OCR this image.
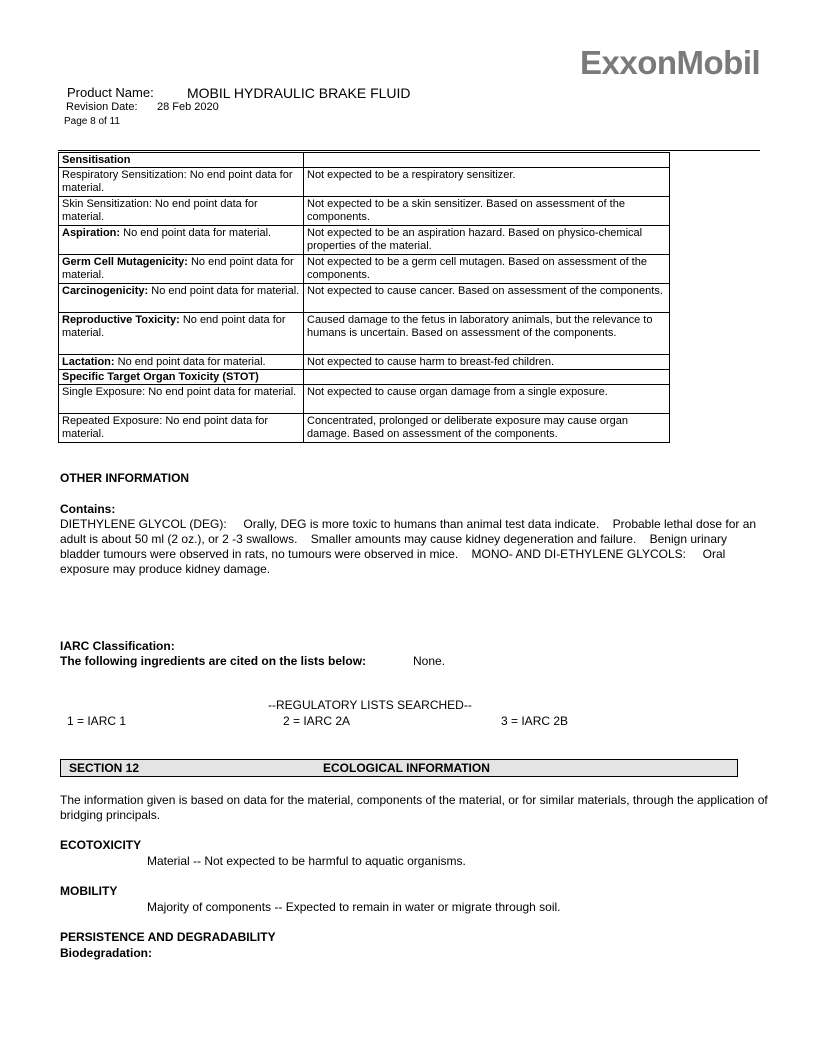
ExxonMobil
Product Name: MOBIL HYDRAULIC BRAKE FLUID
Revision Date: 28 Feb 2020
Page 8 of 11
Sensitisation	
Respiratory Sensitization: No end point data for material.	Not expected to be a respiratory sensitizer.
Skin Sensitization: No end point data for material.	Not expected to be a skin sensitizer. Based on assessment of the components.
Aspiration: No end point data for material.	Not expected to be an aspiration hazard. Based on physico-chemical properties of the material.
Germ Cell Mutagenicity: No end point data for material.	Not expected to be a germ cell mutagen. Based on assessment of the components.
Carcinogenicity: No end point data for material.	Not expected to cause cancer. Based on assessment of the components.
Reproductive Toxicity: No end point data for material.	Caused damage to the fetus in laboratory animals, but the relevance to humans is uncertain. Based on assessment of the components.
Lactation: No end point data for material.	Not expected to cause harm to breast-fed children.
Specific Target Organ Toxicity (STOT)	
Single Exposure: No end point data for material.	Not expected to cause organ damage from a single exposure.
Repeated Exposure: No end point data for material.	Concentrated, prolonged or deliberate exposure may cause organ damage. Based on assessment of the components.
OTHER INFORMATION
Contains:
DIETHYLENE GLYCOL (DEG):     Orally, DEG is more toxic to humans than animal test data indicate.    Probable lethal dose for an adult is about 50 ml (2 oz.), or 2 -3 swallows.    Smaller amounts may cause kidney degeneration and failure.    Benign urinary bladder tumours were observed in rats, no tumours were observed in mice.    MONO- AND DI-ETHYLENE GLYCOLS:     Oral exposure may produce kidney damage.
IARC Classification:
The following ingredients are cited on the lists below:	None.
--REGULATORY LISTS SEARCHED--
1 = IARC 1	2 = IARC 2A	3 = IARC 2B
SECTION 12	ECOLOGICAL INFORMATION
The information given is based on data for the material, components of the material, or for similar materials, through the application of bridging principals.
ECOTOXICITY
Material -- Not expected to be harmful to aquatic organisms.
MOBILITY
Majority of components -- Expected to remain in water or migrate through soil.
PERSISTENCE AND DEGRADABILITY
Biodegradation:
